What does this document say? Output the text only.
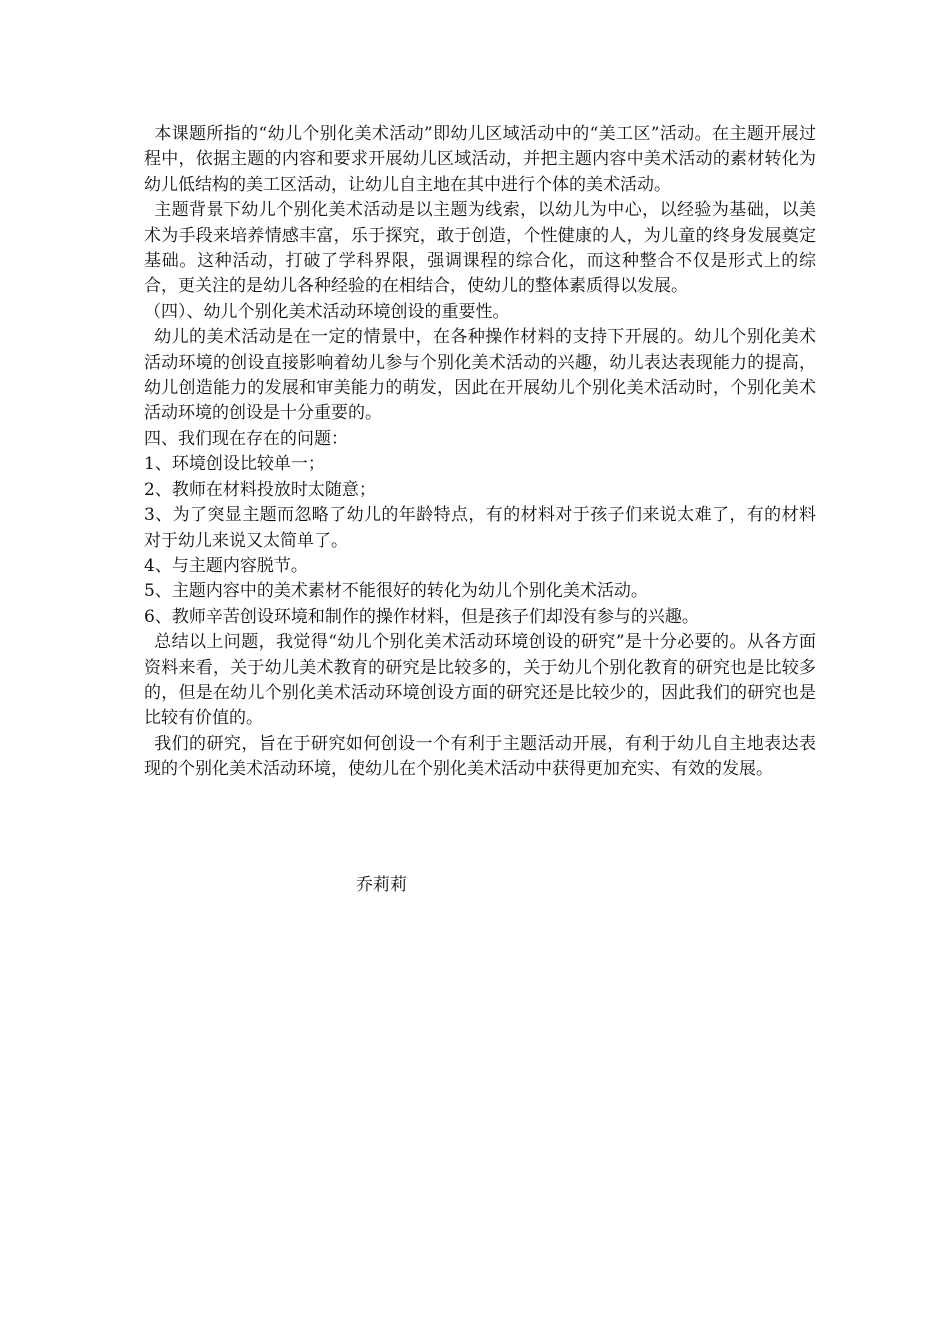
本课题所指的“幼儿个别化美术活动”即幼儿区域活动中的“美工区”活动。在主题开展过程中，依据主题的内容和要求开展幼儿区域活动，并把主题内容中美术活动的素材转化为幼儿低结构的美工区活动，让幼儿自主地在其中进行个体的美术活动。

主题背景下幼儿个别化美术活动是以主题为线索，以幼儿为中心，以经验为基础，以美术为手段来培养情感丰富，乐于探究，敢于创造，个性健康的人，为儿童的终身发展奠定基础。这种活动，打破了学科界限，强调课程的综合化，而这种整合不仅是形式上的综合，更关注的是幼儿各种经验的在相结合，使幼儿的整体素质得以发展。

（四）、幼儿个别化美术活动环境创设的重要性。

幼儿的美术活动是在一定的情景中，在各种操作材料的支持下开展的。幼儿个别化美术活动环境的创设直接影响着幼儿参与个别化美术活动的兴趣，幼儿表达表现能力的提高，幼儿创造能力的发展和审美能力的萌发，因此在开展幼儿个别化美术活动时，个别化美术活动环境的创设是十分重要的。

四、我们现在存在的问题：

1、环境创设比较单一；

2、教师在材料投放时太随意；

3、为了突显主题而忽略了幼儿的年龄特点，有的材料对于孩子们来说太难了，有的材料对于幼儿来说又太简单了。

4、与主题内容脱节。

5、主题内容中的美术素材不能很好的转化为幼儿个别化美术活动。

6、教师辛苦创设环境和制作的操作材料，但是孩子们却没有参与的兴趣。

总结以上问题，我觉得“幼儿个别化美术活动环境创设的研究”是十分必要的。从各方面资料来看，关于幼儿美术教育的研究是比较多的，关于幼儿个别化教育的研究也是比较多的，但是在幼儿个别化美术活动环境创设方面的研究还是比较少的，因此我们的研究也是比较有价值的。

我们的研究，旨在于研究如何创设一个有利于主题活动开展，有利于幼儿自主地表达表现的个别化美术活动环境，使幼儿在个别化美术活动中获得更加充实、有效的发展。

乔莉莉
